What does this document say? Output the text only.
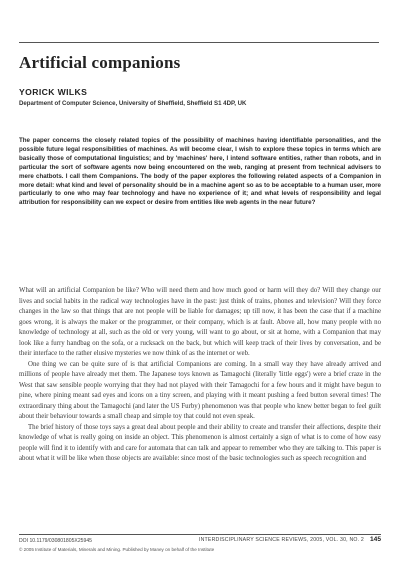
Artificial companions
YORICK WILKS
Department of Computer Science, University of Sheffield, Sheffield S1 4DP, UK

The paper concerns the closely related topics of the possibility of machines having identifiable personalities, and the possible future legal responsibilities of machines. As will become clear, I wish to explore these topics in terms which are basically those of computational linguistics; and by 'machines' here, I intend software entities, rather than robots, and in particular the sort of software agents now being encountered on the web, ranging at present from technical advisers to mere chatbots. I call them Companions. The body of the paper explores the following related aspects of a Companion in more detail: what kind and level of personality should be in a machine agent so as to be acceptable to a human user, more particularly to one who may fear technology and have no experience of it; and what levels of responsibility and legal attribution for responsibility can we expect or desire from entities like web agents in the near future?

What will an artificial Companion be like? Who will need them and how much good or harm will they do? Will they change our lives and social habits in the radical way technologies have in the past: just think of trains, phones and television? Will they force changes in the law so that things that are not people will be liable for damages; up till now, it has been the case that if a machine goes wrong, it is always the maker or the programmer, or their company, which is at fault. Above all, how many people with no knowledge of technology at all, such as the old or very young, will want to go about, or sit at home, with a Companion that may look like a furry handbag on the sofa, or a rucksack on the back, but which will keep track of their lives by conversation, and be their interface to the rather elusive mysteries we now think of as the internet or web.

One thing we can be quite sure of is that artificial Companions are coming. In a small way they have already arrived and millions of people have already met them. The Japanese toys known as Tamagochi (literally 'little eggs') were a brief craze in the West that saw sensible people worrying that they had not played with their Tamagochi for a few hours and it might have begun to pine, where pining meant sad eyes and icons on a tiny screen, and playing with it meant pushing a feed button several times! The extraordinary thing about the Tamagochi (and later the US Furby) phenomenon was that people who knew better began to feel guilt about their behaviour towards a small cheap and simple toy that could not even speak.

The brief history of those toys says a great deal about people and their ability to create and transfer their affections, despite their knowledge of what is really going on inside an object. This phenomenon is almost certainly a sign of what is to come of how easy people will find it to identify with and care for automata that can talk and appear to remember who they are talking to. This paper is about what it will be like when those objects are available: since most of the basic technologies such as speech recognition and

DOI 10.1179/030801805X25945	INTERDISCIPLINARY SCIENCE REVIEWS, 2005, VOL. 30, NO. 2 145
© 2005 Institute of Materials, Minerals and Mining. Published by Maney on behalf of the Institute
